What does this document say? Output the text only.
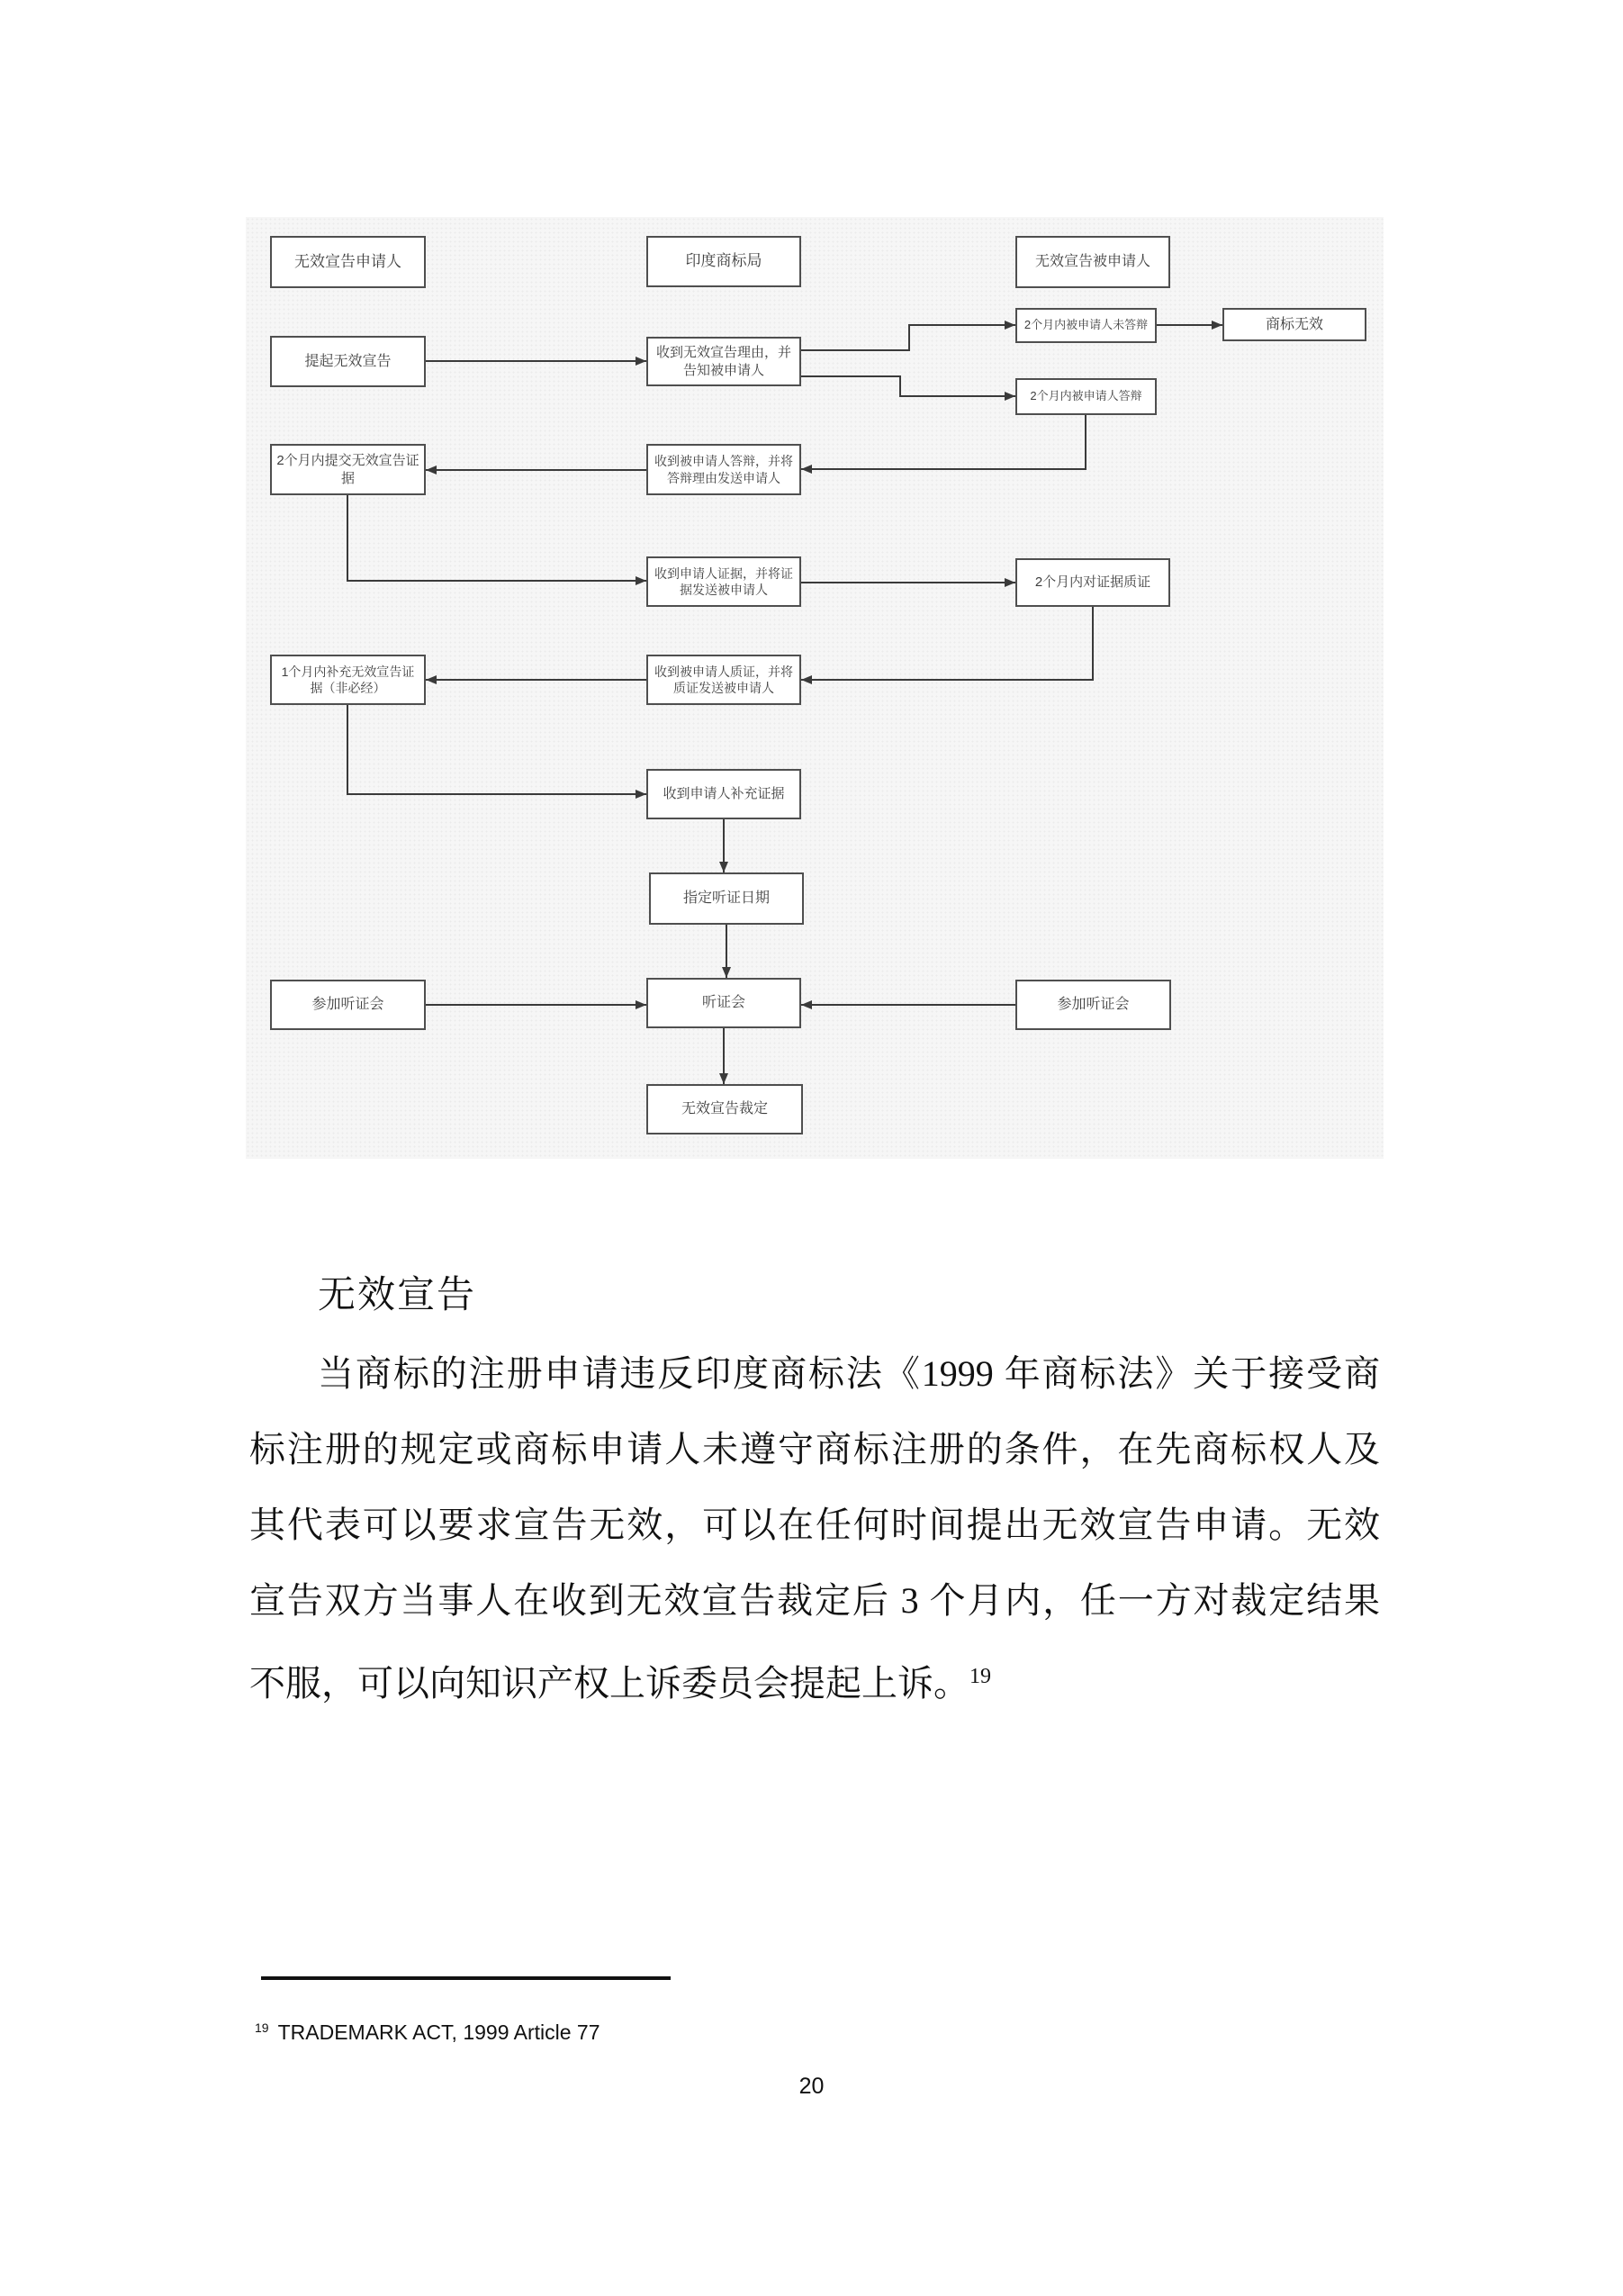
无效宣告申请人	印度商标局	无效宣告被申请人
提起无效宣告
收到无效宣告理由，并告知被申请人
2个月内被申请人未答辩	商标无效
2个月内被申请人答辩
2个月内提交无效宣告证据
收到被申请人答辩，并将答辩理由发送申请人
收到申请人证据，并将证据发送被申请人	2个月内对证据质证
1个月内补充无效宣告证据（非必经）
收到被申请人质证，并将质证发送被申请人
收到申请人补充证据
指定听证日期
参加听证会	听证会	参加听证会
无效宣告裁定
无效宣告
当商标的注册申请违反印度商标法《1999 年商标法》关于接受商
标注册的规定或商标申请人未遵守商标注册的条件，在先商标权人及
其代表可以要求宣告无效，可以在任何时间提出无效宣告申请。无效
宣告双方当事人在收到无效宣告裁定后 3 个月内，任一方对裁定结果
不服，可以向知识产权上诉委员会提起上诉。$^{19}$
$^{19}$ TRADEMARK ACT, 1999 Article 77
20
